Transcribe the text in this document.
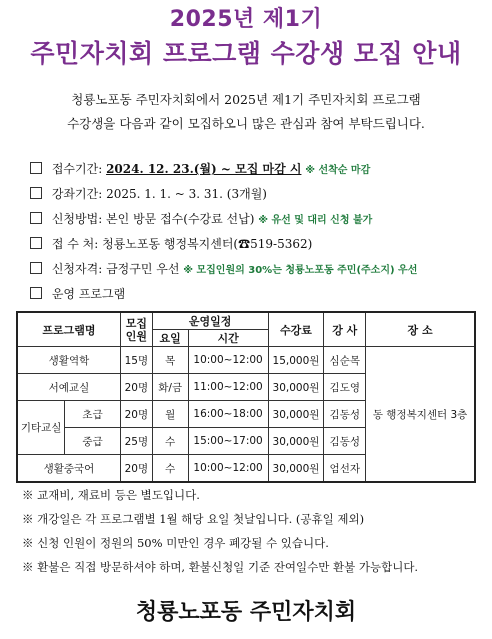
2025년 제1기
주민자치회 프로그램 수강생 모집 안내
청룡노포동 주민자치회에서 2025년 제1기 주민자치회 프로그램
수강생을 다음과 같이 모집하오니 많은 관심과 참여 부탁드립니다.
접수기간: 2024. 12. 23.(월) ~ 모집 마감 시 ※ 선착순 마감
강좌기간: 2025. 1. 1. ~ 3. 31. (3개월)
신청방법: 본인 방문 접수(수강료 선납) ※ 유선 및 대리 신청 불가
접 수 처: 청룡노포동 행정복지센터(☎519-5362)
신청자격: 금정구민 우선 ※ 모집인원의 30%는 청룡노포동 주민(주소지) 우선
운영 프로그램
프로그램명		모집
인원	운영일정		수강료	강 사	장 소
			요일	시간			
생활역학		15명	목	10:00~12:00	15,000원	심순목	동 행정복지센터 3층
서예교실		20명	화/금	11:00~12:00	30,000원	김도영	
기타교실	초급	20명	월	16:00~18:00	30,000원	김동성	
	중급	25명	수	15:00~17:00	30,000원	김동성	
생활중국어		20명	수	10:00~12:00	30,000원	엄선자	
※ 교재비, 재료비 등은 별도입니다.
※ 개강일은 각 프로그램별 1월 해당 요일 첫날입니다. (공휴일 제외)
※ 신청 인원이 정원의 50% 미만인 경우 폐강될 수 있습니다.
※ 환불은 직접 방문하셔야 하며, 환불신청일 기준 잔여일수만 환불 가능합니다.
청룡노포동 주민자치회
